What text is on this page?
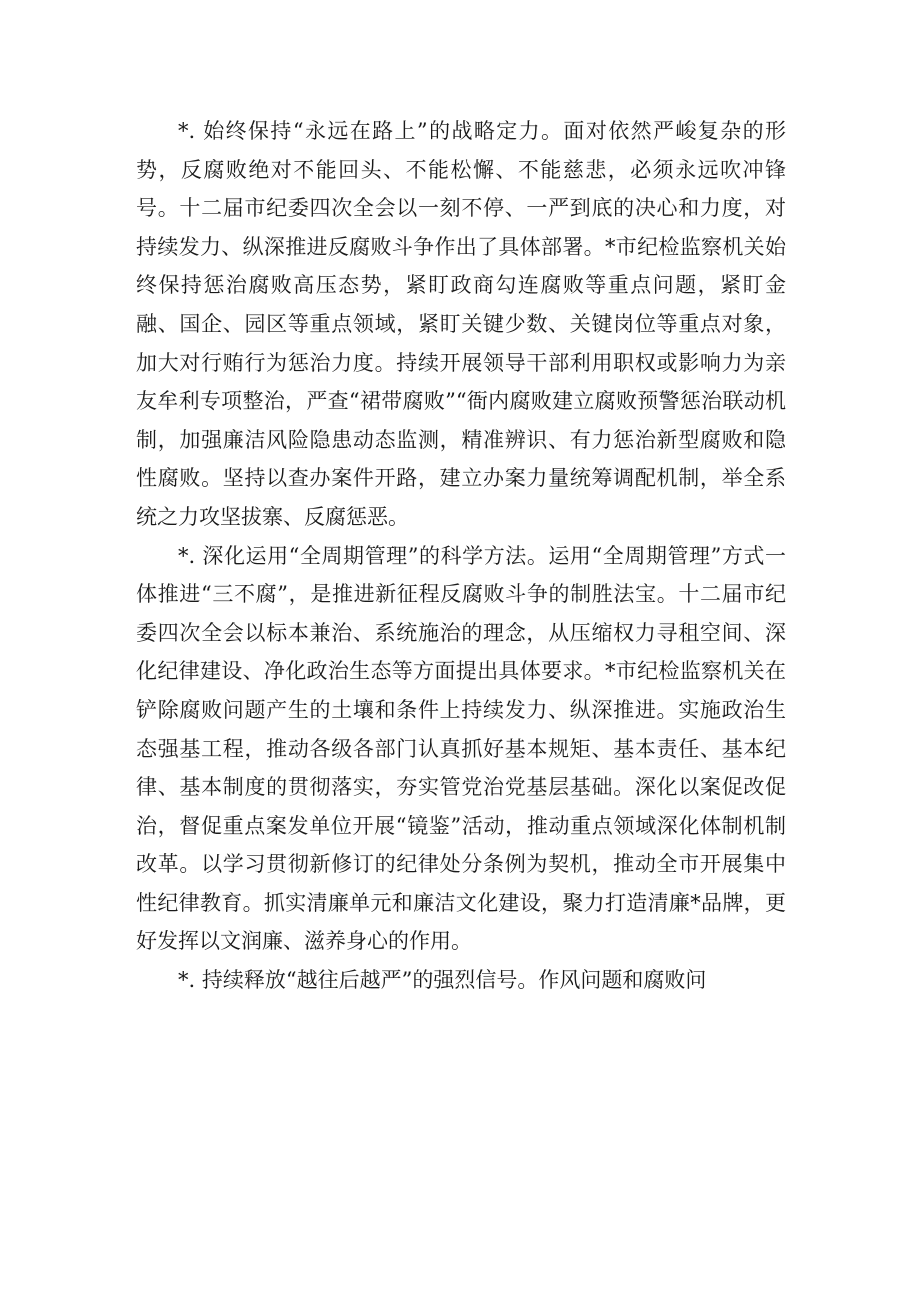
*. 始终保持“永远在路上”的战略定力。面对依然严峻复杂的形势，反腐败绝对不能回头、不能松懈、不能慈悲，必须永远吹冲锋号。十二届市纪委四次全会以一刻不停、一严到底的决心和力度，对持续发力、纵深推进反腐败斗争作出了具体部署。*市纪检监察机关始终保持惩治腐败高压态势，紧盯政商勾连腐败等重点问题，紧盯金融、国企、园区等重点领域，紧盯关键少数、关键岗位等重点对象，加大对行贿行为惩治力度。持续开展领导干部利用职权或影响力为亲友牟利专项整治，严查“裙带腐败”“衙内腐败建立腐败预警惩治联动机制，加强廉洁风险隐患动态监测，精准辨识、有力惩治新型腐败和隐性腐败。坚持以查办案件开路，建立办案力量统筹调配机制，举全系统之力攻坚拔寨、反腐惩恶。

*. 深化运用“全周期管理”的科学方法。运用“全周期管理”方式一体推进“三不腐”，是推进新征程反腐败斗争的制胜法宝。十二届市纪委四次全会以标本兼治、系统施治的理念，从压缩权力寻租空间、深化纪律建设、净化政治生态等方面提出具体要求。*市纪检监察机关在铲除腐败问题产生的土壤和条件上持续发力、纵深推进。实施政治生态强基工程，推动各级各部门认真抓好基本规矩、基本责任、基本纪律、基本制度的贯彻落实，夯实管党治党基层基础。深化以案促改促治，督促重点案发单位开展“镜鉴”活动，推动重点领域深化体制机制改革。以学习贯彻新修订的纪律处分条例为契机，推动全市开展集中性纪律教育。抓实清廉单元和廉洁文化建设，聚力打造清廉*品牌，更好发挥以文润廉、滋养身心的作用。

*. 持续释放“越往后越严”的强烈信号。作风问题和腐败问
